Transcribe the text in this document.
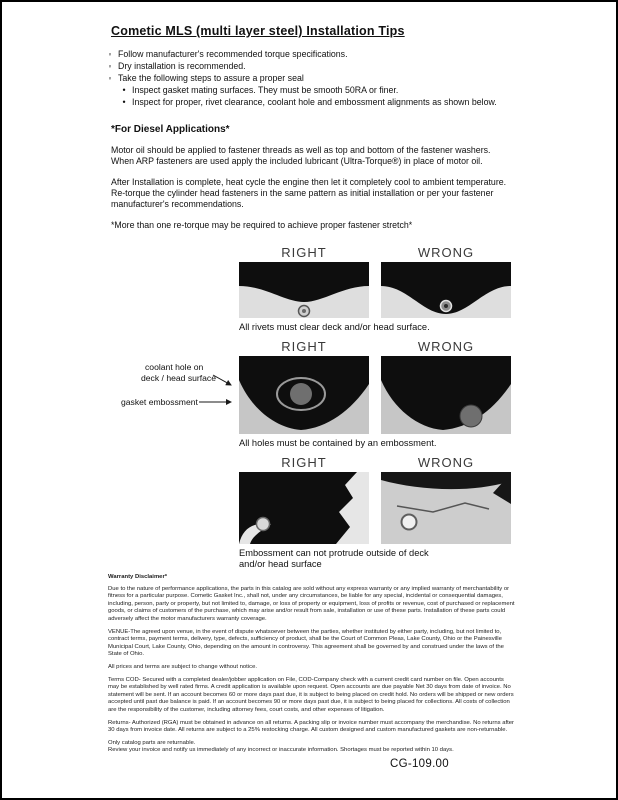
Cometic MLS (multi layer steel) Installation Tips
◦ Follow manufacturer's recommended torque specifications.
◦ Dry installation is recommended.
◦ Take the following steps to assure a proper seal
• Inspect gasket mating surfaces. They must be smooth 50RA or finer.
• Inspect for proper, rivet clearance, coolant hole and embossment alignments as shown below.
*For Diesel Applications*

Motor oil should be applied to fastener threads as well as top and bottom of the fastener washers. When ARP fasteners are used apply the included lubricant (Ultra-Torque®) in place of motor oil.

After Installation is complete, heat cycle the engine then let it completely cool to ambient temperature. Re-torque the cylinder head fasteners in the same pattern as initial installation or per your fastener manufacturer's recommendations.

*More than one re-torque may be required to achieve proper fastener stretch*

RIGHT	WRONG
All rivets must clear deck and/or head surface.
RIGHT	WRONG
coolant hole on
deck / head surface
gasket embossment
All holes must be contained by an embossment.
RIGHT	WRONG
Embossment can not protrude outside of deck and/or head surface
Warranty Disclaimer*

Due to the nature of performance applications, the parts in this catalog are sold without any express warranty or any implied warranty of merchantability or fitness for a particular purpose. Cometic Gasket Inc., shall not, under any circumstances, be liable for any special, incidental or consequential damages, including, person, party or property, but not limited to, damage, or loss of property or equipment, loss of profits or revenue, cost of purchased or replacement goods, or claims of customers of the purchase, which may arise and/or result from sale, installation or use of these parts. Installation of these parts could adversely affect the motor manufacturers warranty coverage.

VENUE-The agreed upon venue, in the event of dispute whatsoever between the parties, whether instituted by either party, including, but not limited to, contract terms, payment terms, delivery, type, defects, sufficiency of product, shall be the Court of Common Pleas, Lake County, Ohio or the Painesville Municipal Court, Lake County, Ohio, depending on the amount in controversy. This agreement shall be governed by and construed under the laws of the State of Ohio.

All prices and terms are subject to change without notice.

Terms COD- Secured with a completed dealer/jobber application on File, COD-Company check with a current credit card number on file. Open accounts may be established by well rated firms. A credit application is available upon request. Open accounts are due payable Net 30 days from date of invoice. No statement will be sent. If an account becomes 60 or more days past due, it is subject to being placed on credit hold. No orders will be shipped or new orders accepted until past due balance is paid. If an account becomes 90 or more days past due, it is subject to being placed for collections. All costs of collection are the responsibility of the customer, including attorney fees, court costs, and other expenses of litigation.

Returns- Authorized (RGA) must be obtained in advance on all returns. A packing slip or invoice number must accompany the merchandise. No returns after 30 days from invoice date. All returns are subject to a 25% restocking charge. All custom designed and custom manufactured gaskets are non-returnable.

Only catalog parts are returnable.
Review your invoice and notify us immediately of any incorrect or inaccurate information. Shortages must be reported within 10 days.
CG-109.00
